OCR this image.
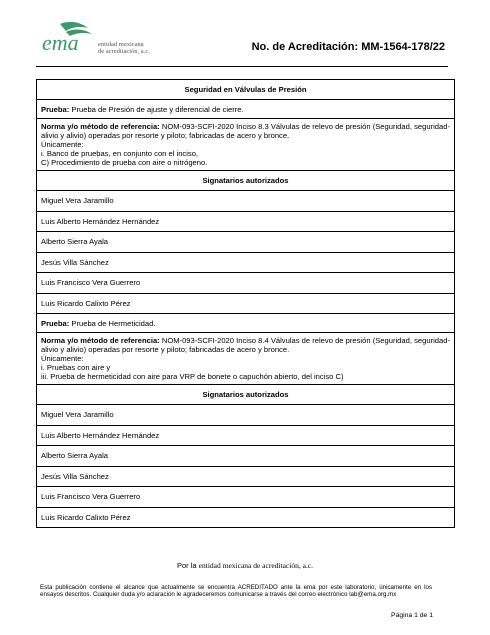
ema	entidad mexicana
de acreditación, a.c.	No. de Acreditación: MM-1564-178/22
Seguridad en Válvulas de Presión
Prueba: Prueba de Presión de ajuste y diferencial de cierre.
Norma y/o método de referencia: NOM-093-SCFI-2020 Inciso 8.3 Válvulas de relevo de presión (Seguridad, seguridad-alivio y alivio) operadas por resorte y piloto; fabricadas de acero y bronce.
Únicamente:
i. Banco de pruebas, en conjunto con el inciso,
C) Procedimiento de prueba con aire o nitrógeno.

Signatarios autorizados
Miguel Vera Jaramillo
Luis Alberto Hernández Hernández
Alberto Sierra Ayala
Jesús Villa Sánchez
Luis Francisco Vera Guerrero
Luis Ricardo Calixto Pérez
Prueba: Prueba de Hermeticidad.
Norma y/o método de referencia: NOM-093-SCFI-2020 Inciso 8.4 Válvulas de relevo de presión (Seguridad, seguridad-alivio y alivio) operadas por resorte y piloto; fabricadas de acero y bronce.
Únicamente:
i. Pruebas con aire y
iii. Prueba de hermeticidad con aire para VRP de bonete o capuchón abierto, del inciso C)

Signatarios autorizados
Miguel Vera Jaramillo
Luis Alberto Hernández Hernández
Alberto Sierra Ayala
Jesús Villa Sánchez
Luis Francisco Vera Guerrero
Luis Ricardo Calixto Pérez
Por la entidad mexicana de acreditación, a.c.
Esta publicación contiene el alcance que actualmente se encuentra ACREDITADO ante la ema por este laboratorio, únicamente en los ensayos descritos. Cualquier duda y/o aclaración le agradeceremos comunicarse a través del correo electrónico lab@ema.org.mx
Página 1 de 1
